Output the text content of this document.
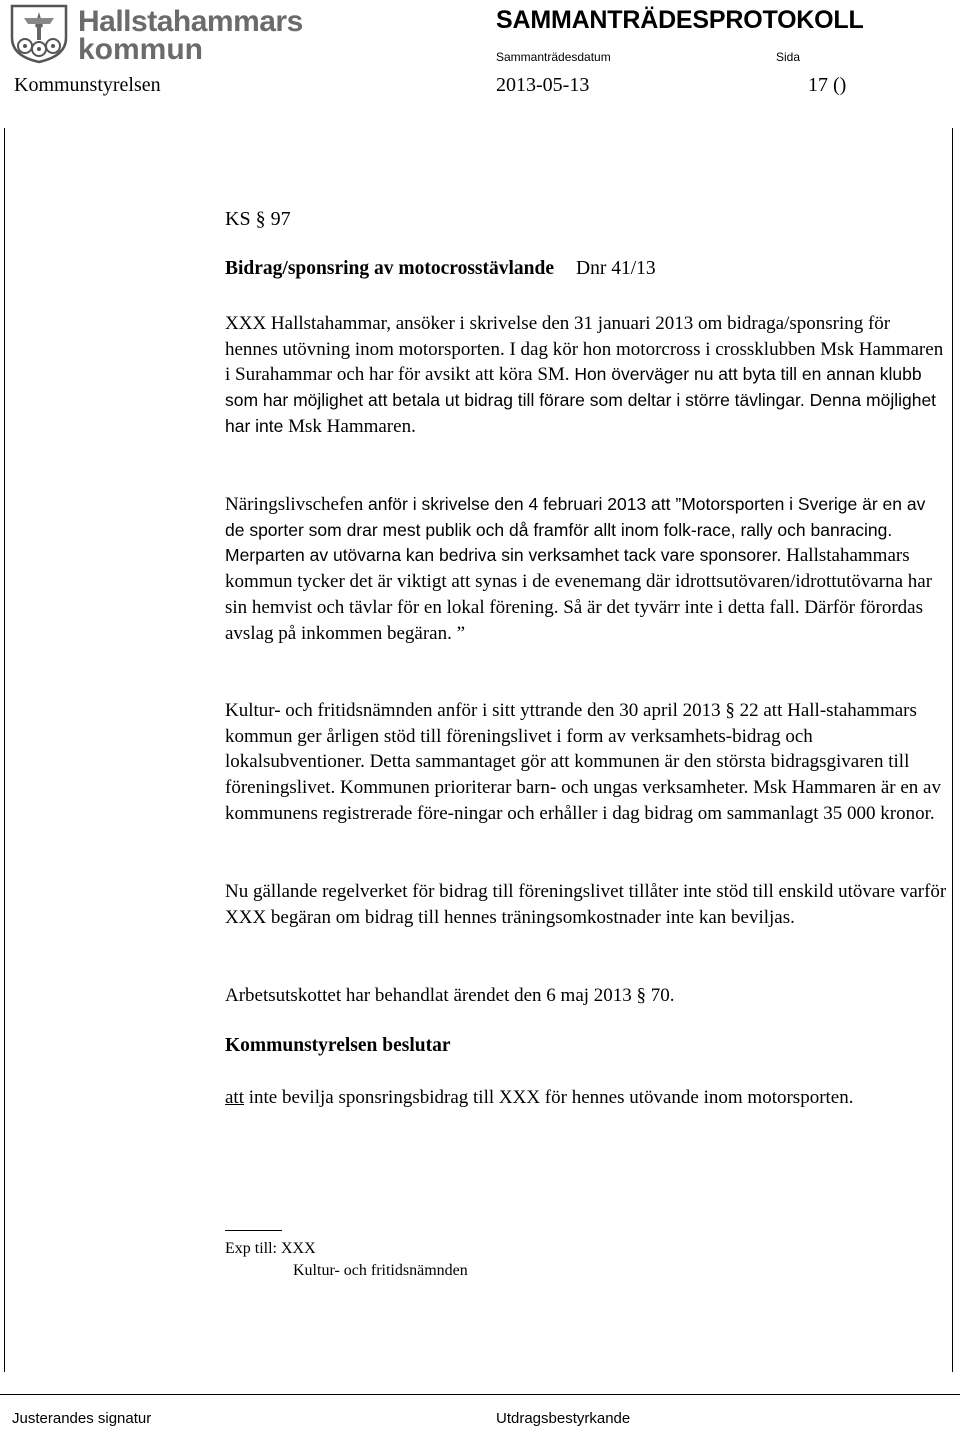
Hallstahammars
kommun
SAMMANTRÄDESPROTOKOLL
Sammanträdesdatum	Sida
Kommunstyrelsen	2013-05-13	17 ()
KS § 97
Bidrag/sponsring av motocrosstävlande Dnr 41/13
XXX Hallstahammar, ansöker i skrivelse den 31 januari 2013 om bidraga/sponsring för hennes utövning inom motorsporten. I dag kör hon motorcross i crossklubben Msk Hammaren i Surahammar och har för avsikt att köra SM. Hon överväger nu att byta till en annan klubb som har möjlighet att betala ut bidrag till förare som deltar i större tävlingar. Denna möjlighet har inte Msk Hammaren.
Näringslivschefen anför i skrivelse den 4 februari 2013 att ”Motorsporten i Sverige är en av de sporter som drar mest publik och då framför allt inom folk-race, rally och banracing. Merparten av utövarna kan bedriva sin verksamhet tack vare sponsorer. Hallstahammars kommun tycker det är viktigt att synas i de evenemang där idrottsutövaren/idrottutövarna har sin hemvist och tävlar för en lokal förening. Så är det tyvärr inte i detta fall. Därför förordas avslag på inkommen begäran. ”
Kultur- och fritidsnämnden anför i sitt yttrande den 30 april 2013 § 22 att Hall-stahammars kommun ger årligen stöd till föreningslivet i form av verksamhets-bidrag och lokalsubventioner. Detta sammantaget gör att kommunen är den största bidragsgivaren till föreningslivet. Kommunen prioriterar barn- och ungas verksamheter. Msk Hammaren är en av kommunens registrerade före-ningar och erhåller i dag bidrag om sammanlagt 35 000 kronor.
Nu gällande regelverket för bidrag till föreningslivet tillåter inte stöd till enskild utövare varför XXX begäran om bidrag till hennes träningsomkostnader inte kan beviljas.
Arbetsutskottet har behandlat ärendet den 6 maj 2013 § 70.
Kommunstyrelsen beslutar
att inte bevilja sponsringsbidrag till XXX för hennes utövande inom motorsporten.
Exp till: XXX
Kultur- och fritidsnämnden
Justerandes signatur	Utdragsbestyrkande
